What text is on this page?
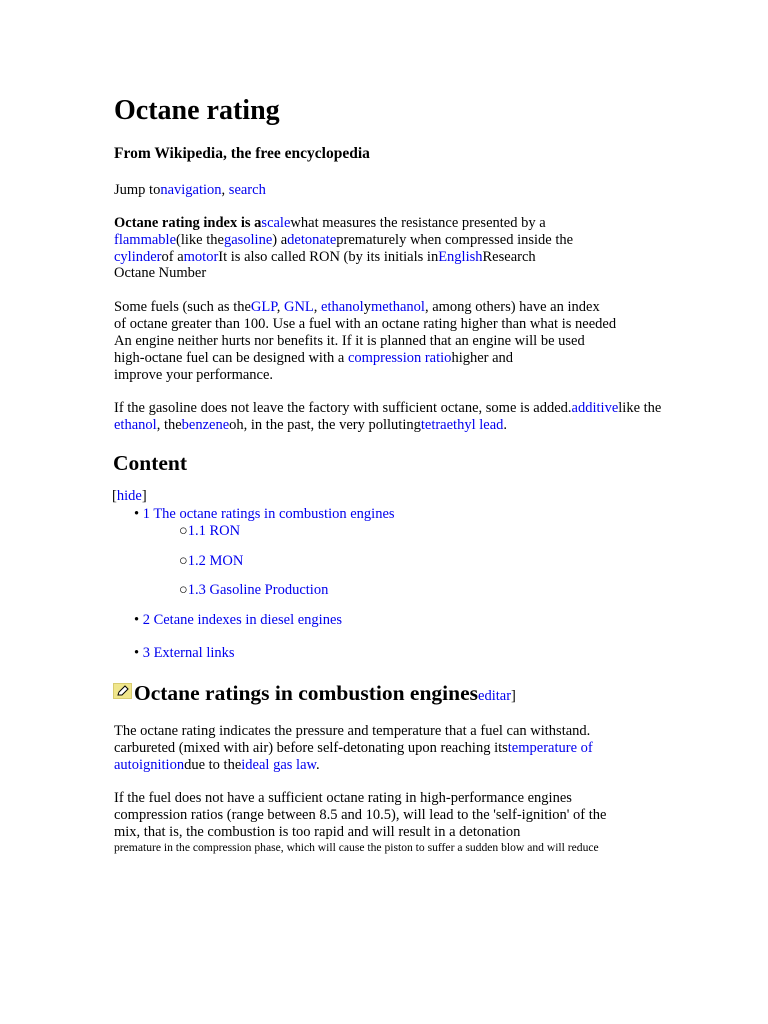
Octane rating
From Wikipedia, the free encyclopedia
Content
Octane ratings in combustion engineseditar]
Jump tonavigation, search
Octane rating index is ascalewhat measures the resistance presented by a
flammable(like thegasoline) adetonateprematurely when compressed inside the
cylinderof amotorIt is also called RON (by its initials inEnglishResearch
Octane Number
Some fuels (such as theGLP, GNL, ethanolymethanol, among others) have an index
of octane greater than 100. Use a fuel with an octane rating higher than what is needed
An engine neither hurts nor benefits it. If it is planned that an engine will be used
high-octane fuel can be designed with a compression ratiohigher and
improve your performance.
If the gasoline does not leave the factory with sufficient octane, some is added.additivelike the
ethanol, thebenzeneoh, in the past, the very pollutingtetraethyl lead.
[hide]
• 1 The octane ratings in combustion engines
○1.1 RON
○1.2 MON
○1.3 Gasoline Production
• 2 Cetane indexes in diesel engines
• 3 External links
The octane rating indicates the pressure and temperature that a fuel can withstand.
carbureted (mixed with air) before self-detonating upon reaching itstemperature of
autoignitiondue to theideal gas law.
If the fuel does not have a sufficient octane rating in high-performance engines
compression ratios (range between 8.5 and 10.5), will lead to the 'self-ignition' of the
mix, that is, the combustion is too rapid and will result in a detonation
premature in the compression phase, which will cause the piston to suffer a sudden blow and will reduce
